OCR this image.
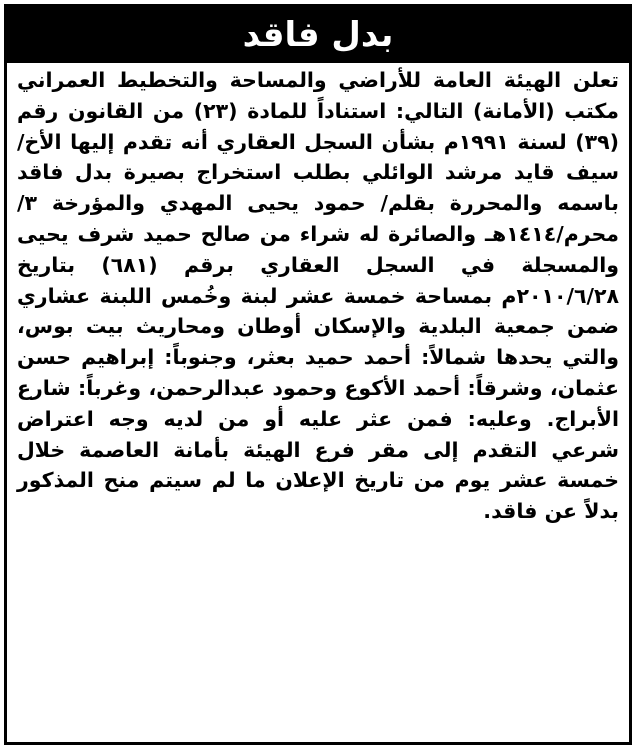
بدل فاقد

تعلن الهيئة العامة للأراضي والمساحة والتخطيط العمراني مكتب (الأمانة) التالي: استناداً للمادة (٢٣) من القانون رقم (٣٩) لسنة ١٩٩١م بشأن السجل العقاري أنه تقدم إليها الأخ/ سيف قايد مرشد الوائلي بطلب استخراج بصيرة بدل فاقد باسمه والمحررة بقلم/ حمود يحيى المهدي والمؤرخة ٣/ محرم/١٤١٤هـ والصائرة له شراء من صالح حميد شرف يحيى والمسجلة في السجل العقاري برقم (٦٨١) بتاريخ ٢٠١٠/٦/٢٨م بمساحة خمسة عشر لبنة وخُمس اللبنة عشاري ضمن جمعية البلدية والإسكان أوطان ومحاريث بيت بوس، والتي يحدها شمالاً: أحمد حميد بعثر، وجنوباً: إبراهيم حسن عثمان، وشرقاً: أحمد الأكوع وحمود عبدالرحمن، وغرباً: شارع الأبراج. وعليه: فمن عثر عليه أو من لديه وجه اعتراض شرعي التقدم إلى مقر فرع الهيئة بأمانة العاصمة خلال خمسة عشر يوم من تاريخ الإعلان ما لم سيتم منح المذكور بدلاً عن فاقد.
